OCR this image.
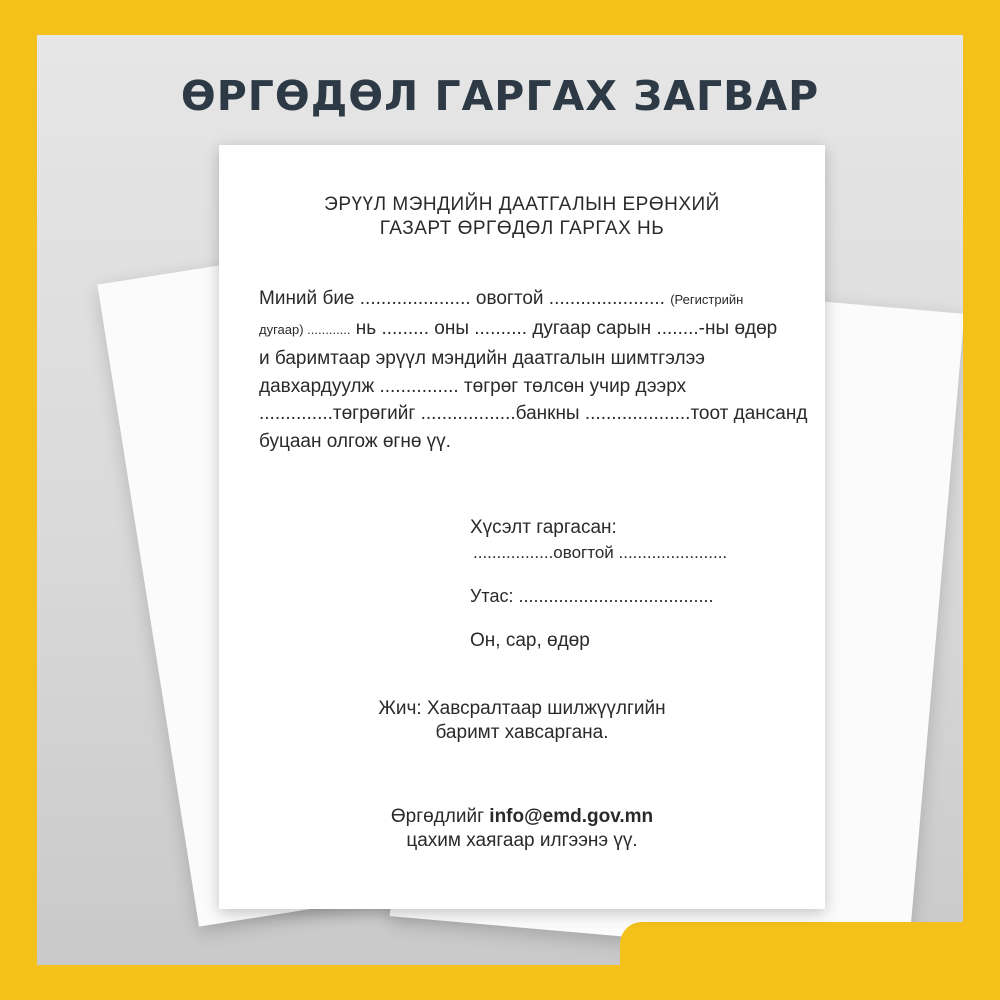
ӨРГӨДӨЛ ГАРГАХ ЗАГВАР
ЭРҮҮЛ МЭНДИЙН ДААТГАЛЫН ЕРӨНХИЙ
ГАЗАРТ ӨРГӨДӨЛ ГАРГАХ НЬ

Миний бие ..................... овогтой ...................... (Регистрийн

дугаар) ............ нь ......... оны .......... дугаар сарын ........-ны өдөр

и баримтаар эрүүл мэндийн даатгалын шимтгэлээ

давхардуулж ............... төгрөг төлсөн учир дээрх

..............төгрөгийг ..................банкны ....................тоот дансанд

буцаан олгож өгнө үү.

Хүсэлт гаргасан:

.................овогтой .......................

Утас: .......................................

Он, сар, өдөр

Жич: Хавсралтаар шилжүүлгийн
баримт хавсаргана.
Өргөдлийг info@emd.gov.mn
цахим хаягаар илгээнэ үү.
